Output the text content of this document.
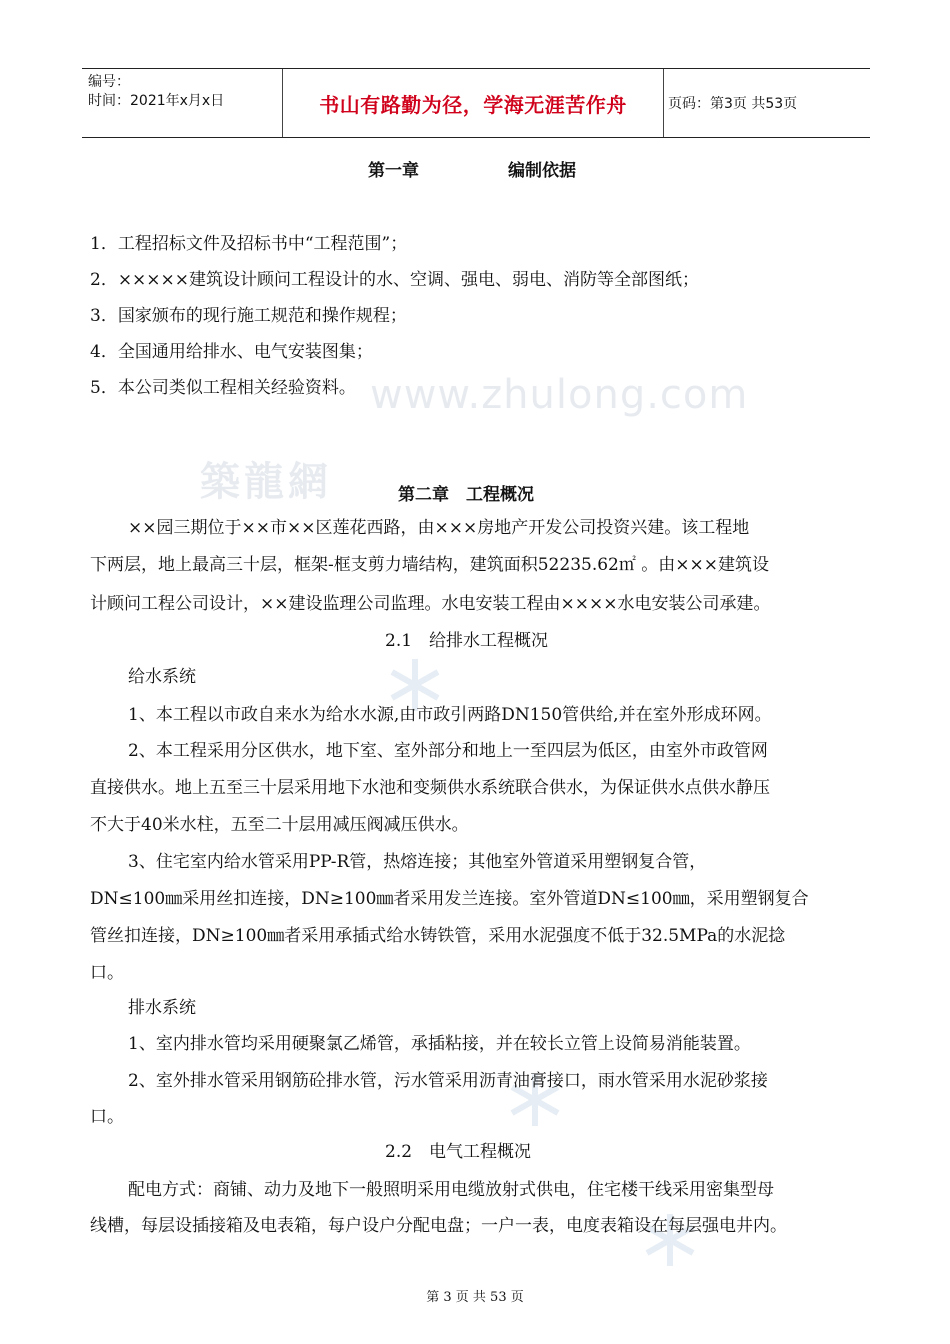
编号：
时间：2021年x月x日	书山有路勤为径，学海无涯苦作舟	页码：第3页 共53页
www.zhulong.com
築龍網
第一章	编制依据
1．工程招标文件及招标书中“工程范围”；
2．×××××建筑设计顾问工程设计的水、空调、强电、弱电、消防等全部图纸；
3．国家颁布的现行施工规范和操作规程；
4．全国通用给排水、电气安装图集；
5．本公司类似工程相关经验资料。
第二章　工程概况
××园三期位于××市××区莲花西路，由×××房地产开发公司投资兴建。该工程地
下两层，地上最高三十层，框架-框支剪力墙结构，建筑面积52235.62㎡ 。由×××建筑设
计顾问工程公司设计，××建设监理公司监理。水电安装工程由××××水电安装公司承建。
2.1　给排水工程概况
给水系统
1、本工程以市政自来水为给水水源,由市政引两路DN150管供给,并在室外形成环网。
2、本工程采用分区供水，地下室、室外部分和地上一至四层为低区，由室外市政管网
直接供水。地上五至三十层采用地下水池和变频供水系统联合供水，为保证供水点供水静压
不大于40米水柱，五至二十层用减压阀减压供水。
3、住宅室内给水管采用PP-R管，热熔连接；其他室外管道采用塑钢复合管，
DN≤100㎜采用丝扣连接，DN≥100㎜者采用发兰连接。室外管道DN≤100㎜，采用塑钢复合
管丝扣连接，DN≥100㎜者采用承插式给水铸铁管，采用水泥强度不低于32.5MPa的水泥捻
口。
排水系统
1、室内排水管均采用硬聚氯乙烯管，承插粘接，并在较长立管上设简易消能装置。
2、室外排水管采用钢筋砼排水管，污水管采用沥青油膏接口，雨水管采用水泥砂浆接
口。
2.2　电气工程概况
配电方式：商铺、动力及地下一般照明采用电缆放射式供电，住宅楼干线采用密集型母
线槽，每层设插接箱及电表箱，每户设户分配电盘；一户一表，电度表箱设在每层强电井内。
第 3 页 共 53 页
